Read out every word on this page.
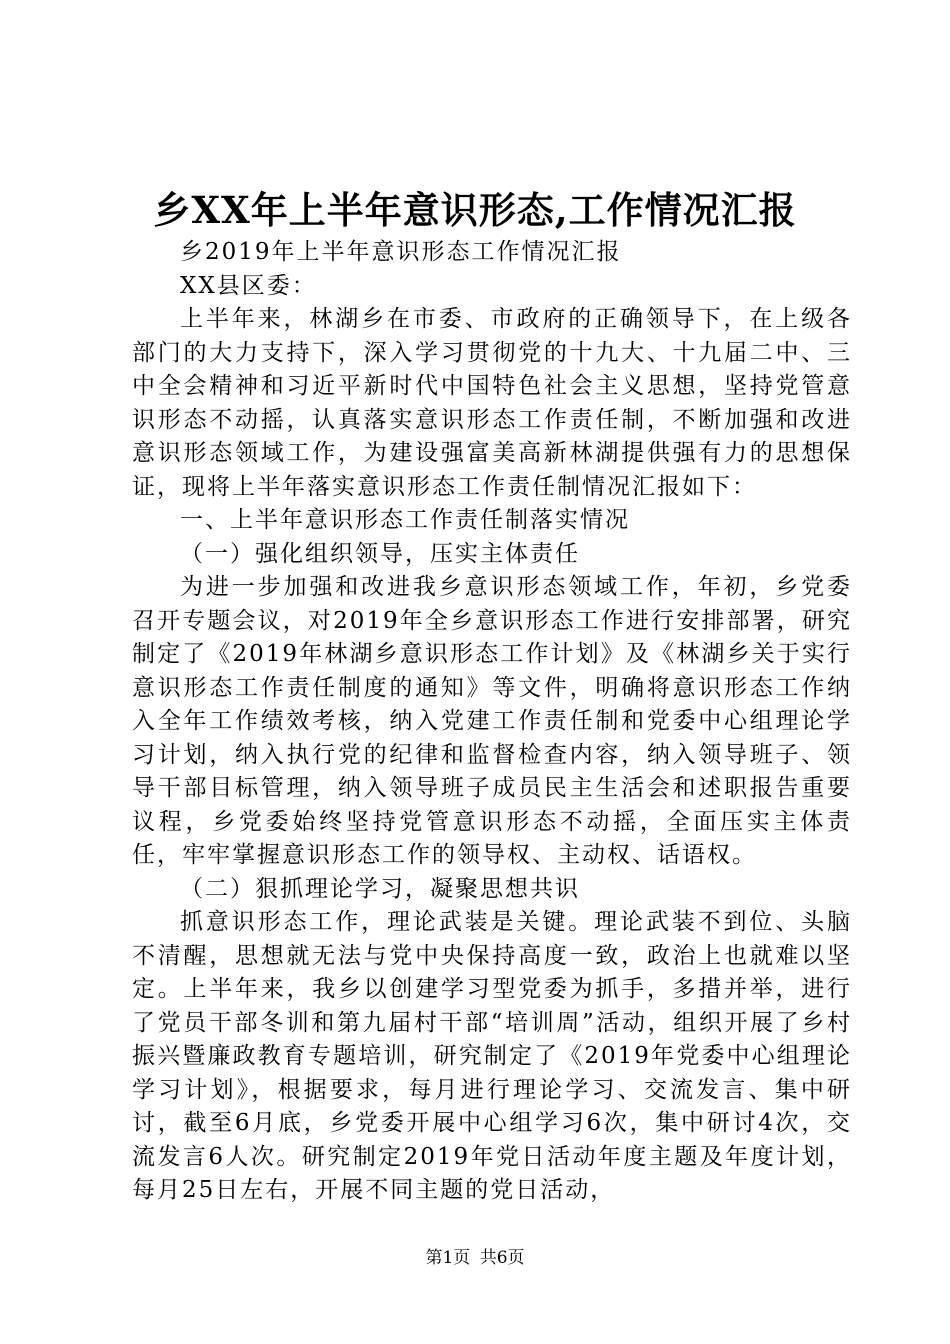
乡XX年上半年意识形态,工作情况汇报

乡2019年上半年意识形态工作情况汇报

XX县区委：

上半年来，林湖乡在市委、市政府的正确领导下，在上级各部门的大力支持下，深入学习贯彻党的十九大、十九届二中、三中全会精神和习近平新时代中国特色社会主义思想，坚持党管意识形态不动摇，认真落实意识形态工作责任制，不断加强和改进意识形态领域工作，为建设强富美高新林湖提供强有力的思想保证，现将上半年落实意识形态工作责任制情况汇报如下：

一、上半年意识形态工作责任制落实情况

（一）强化组织领导，压实主体责任

为进一步加强和改进我乡意识形态领域工作，年初，乡党委召开专题会议，对2019年全乡意识形态工作进行安排部署，研究制定了《2019年林湖乡意识形态工作计划》及《林湖乡关于实行意识形态工作责任制度的通知》等文件，明确将意识形态工作纳入全年工作绩效考核，纳入党建工作责任制和党委中心组理论学习计划，纳入执行党的纪律和监督检查内容，纳入领导班子、领导干部目标管理，纳入领导班子成员民主生活会和述职报告重要议程，乡党委始终坚持党管意识形态不动摇，全面压实主体责任，牢牢掌握意识形态工作的领导权、主动权、话语权。

（二）狠抓理论学习，凝聚思想共识

抓意识形态工作，理论武装是关键。理论武装不到位、头脑不清醒，思想就无法与党中央保持高度一致，政治上也就难以坚定。上半年来，我乡以创建学习型党委为抓手，多措并举，进行了党员干部冬训和第九届村干部“培训周”活动，组织开展了乡村振兴暨廉政教育专题培训，研究制定了《2019年党委中心组理论学习计划》，根据要求，每月进行理论学习、交流发言、集中研讨，截至6月底，乡党委开展中心组学习6次，集中研讨4次，交流发言6人次。研究制定2019年党日活动年度主题及年度计划，每月25日左右，开展不同主题的党日活动，

第1页 共6页
